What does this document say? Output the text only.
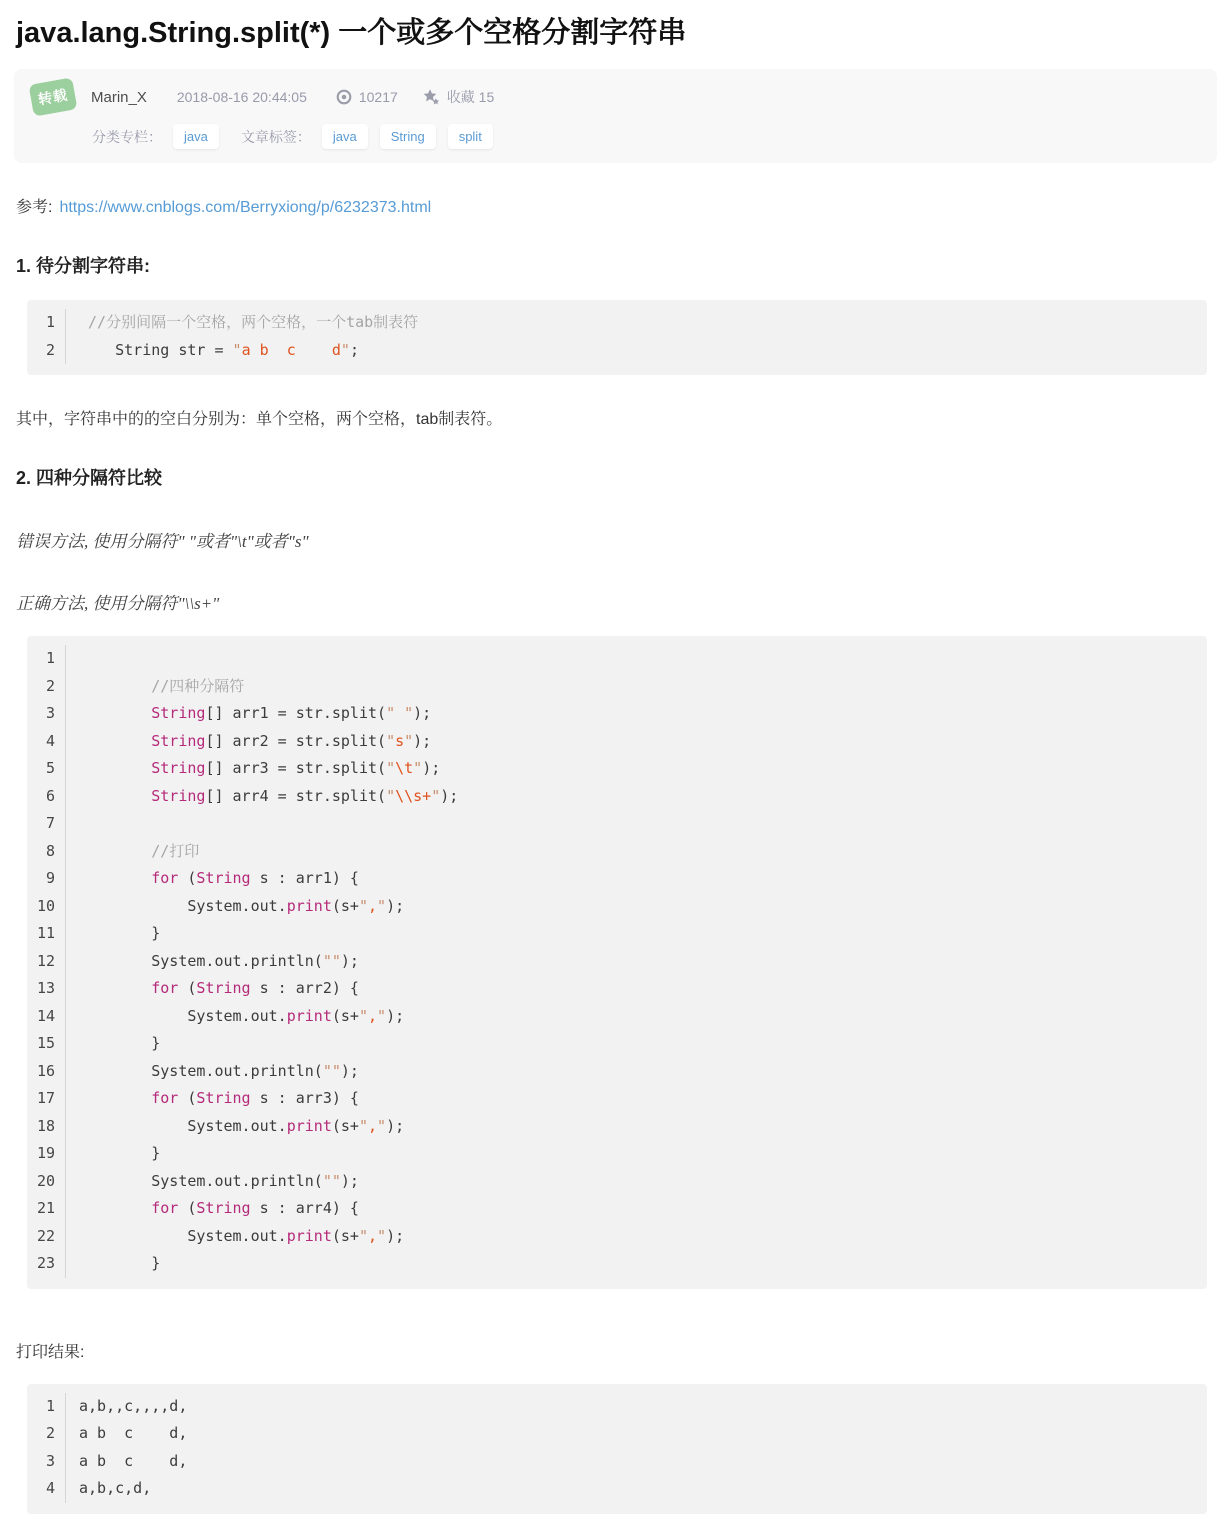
java.lang.String.split(*) 一个或多个空格分割字符串
转载	Marin_X 2018-08-16 20:44:05	10217	收藏 15
分类专栏：	java	文章标签：	java	String	split

参考: https://www.cnblogs.com/Berryxiong/p/6232373.html

1. 待分割字符串:
1	//分别间隔一个空格，两个空格，一个tab制表符
2	String str = "a b  c    d";

其中，字符串中的的空白分别为：单个空格，两个空格，tab制表符。

2. 四种分隔符比较

错误方法, 使用分隔符" "或者"\t"或者"s"

正确方法, 使用分隔符"\\s+"

1
2	//四种分隔符
3	String[] arr1 = str.split(" ");
4	String[] arr2 = str.split("s");
5	String[] arr3 = str.split("\t");
6	String[] arr4 = str.split("\\s+");
7
8	//打印
9	for (String s : arr1) {
10	System.out.print(s+",");
11	}
12	System.out.println("");
13	for (String s : arr2) {
14	System.out.print(s+",");
15	}
16	System.out.println("");
17	for (String s : arr3) {
18	System.out.print(s+",");
19	}
20	System.out.println("");
21	for (String s : arr4) {
22	System.out.print(s+",");
23	}

打印结果:

1	a,b,,c,,,,d,
2	a b  c    d,
3	a b  c    d,
4	a,b,c,d,
